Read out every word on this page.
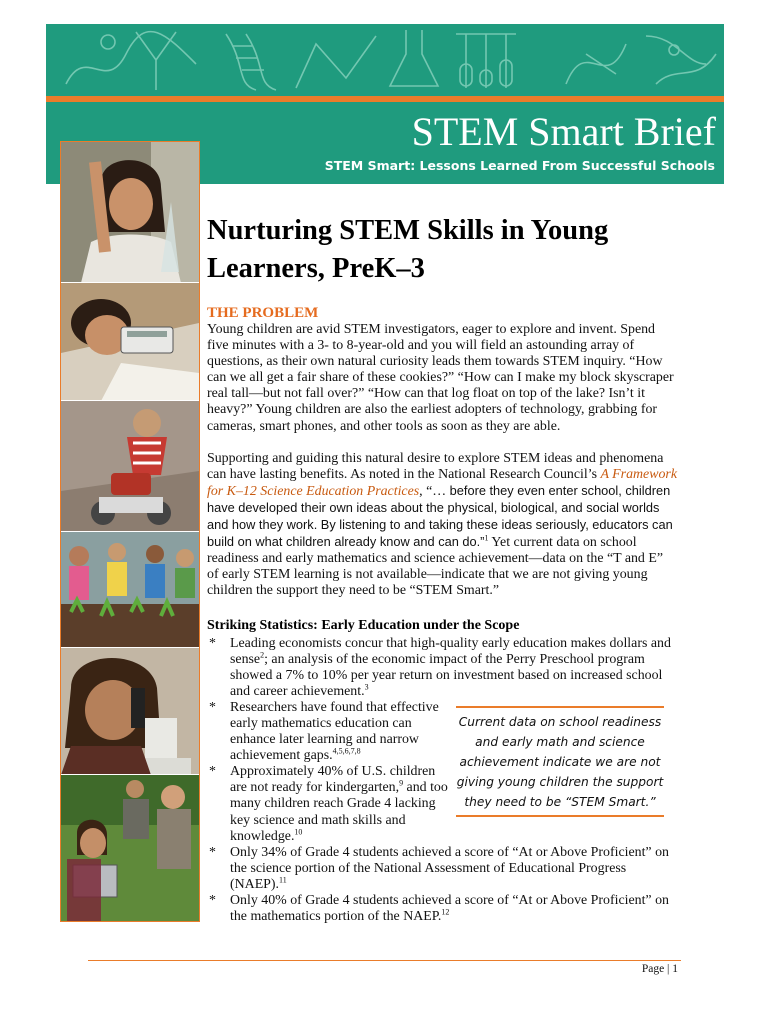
STEM Smart Brief

STEM Smart: Lessons Learned From Successful Schools

Nurturing STEM Skills in Young Learners, PreK–3
THE PROBLEM

Young children are avid STEM investigators, eager to explore and invent. Spend five minutes with a 3- to 8-year-old and you will field an astounding array of questions, as their own natural curiosity leads them towards STEM inquiry. “How can we all get a fair share of these cookies?” “How can I make my block skyscraper real tall—but not fall over?” “How can that log float on top of the lake? Isn’t it heavy?” Young children are also the earliest adopters of technology, grabbing for cameras, smart phones, and other tools as soon as they are able.

Supporting and guiding this natural desire to explore STEM ideas and phenomena can have lasting benefits. As noted in the National Research Council’s A Framework for K–12 Science Education Practices, “… before they even enter school, children have developed their own ideas about the physical, biological, and social worlds and how they work. By listening to and taking these ideas seriously, educators can build on what children already know and can do.”$^1$ Yet current data on school readiness and early mathematics and science achievement—data on the “T and E” of early STEM learning is not available—indicate that we are not giving young children the support they need to be “STEM Smart.”

Striking Statistics: Early Education under the Scope
* Leading economists concur that high-quality early education makes dollars and sense$^2$; an analysis of the economic impact of the Perry Preschool program showed a 7% to 10% per year return on investment based on increased school and career achievement.$^3$
* Researchers have found that effective early mathematics education can enhance later learning and narrow achievement gaps.$^{4,5,6,7,8}$
* Approximately 40% of U.S. children are not ready for kindergarten,$^9$ and too many children reach Grade 4 lacking key science and math skills and knowledge.$^{10}$
* Only 34% of Grade 4 students achieved a score of “At or Above Proficient” on the science portion of the National Assessment of Educational Progress (NAEP).$^{11}$
* Only 40% of Grade 4 students achieved a score of “At or Above Proficient” on the mathematics portion of the NAEP.$^{12}$
Current data on school readiness and early math and science achievement indicate we are not giving young children the support they need to be “STEM Smart.”
Page | 1
